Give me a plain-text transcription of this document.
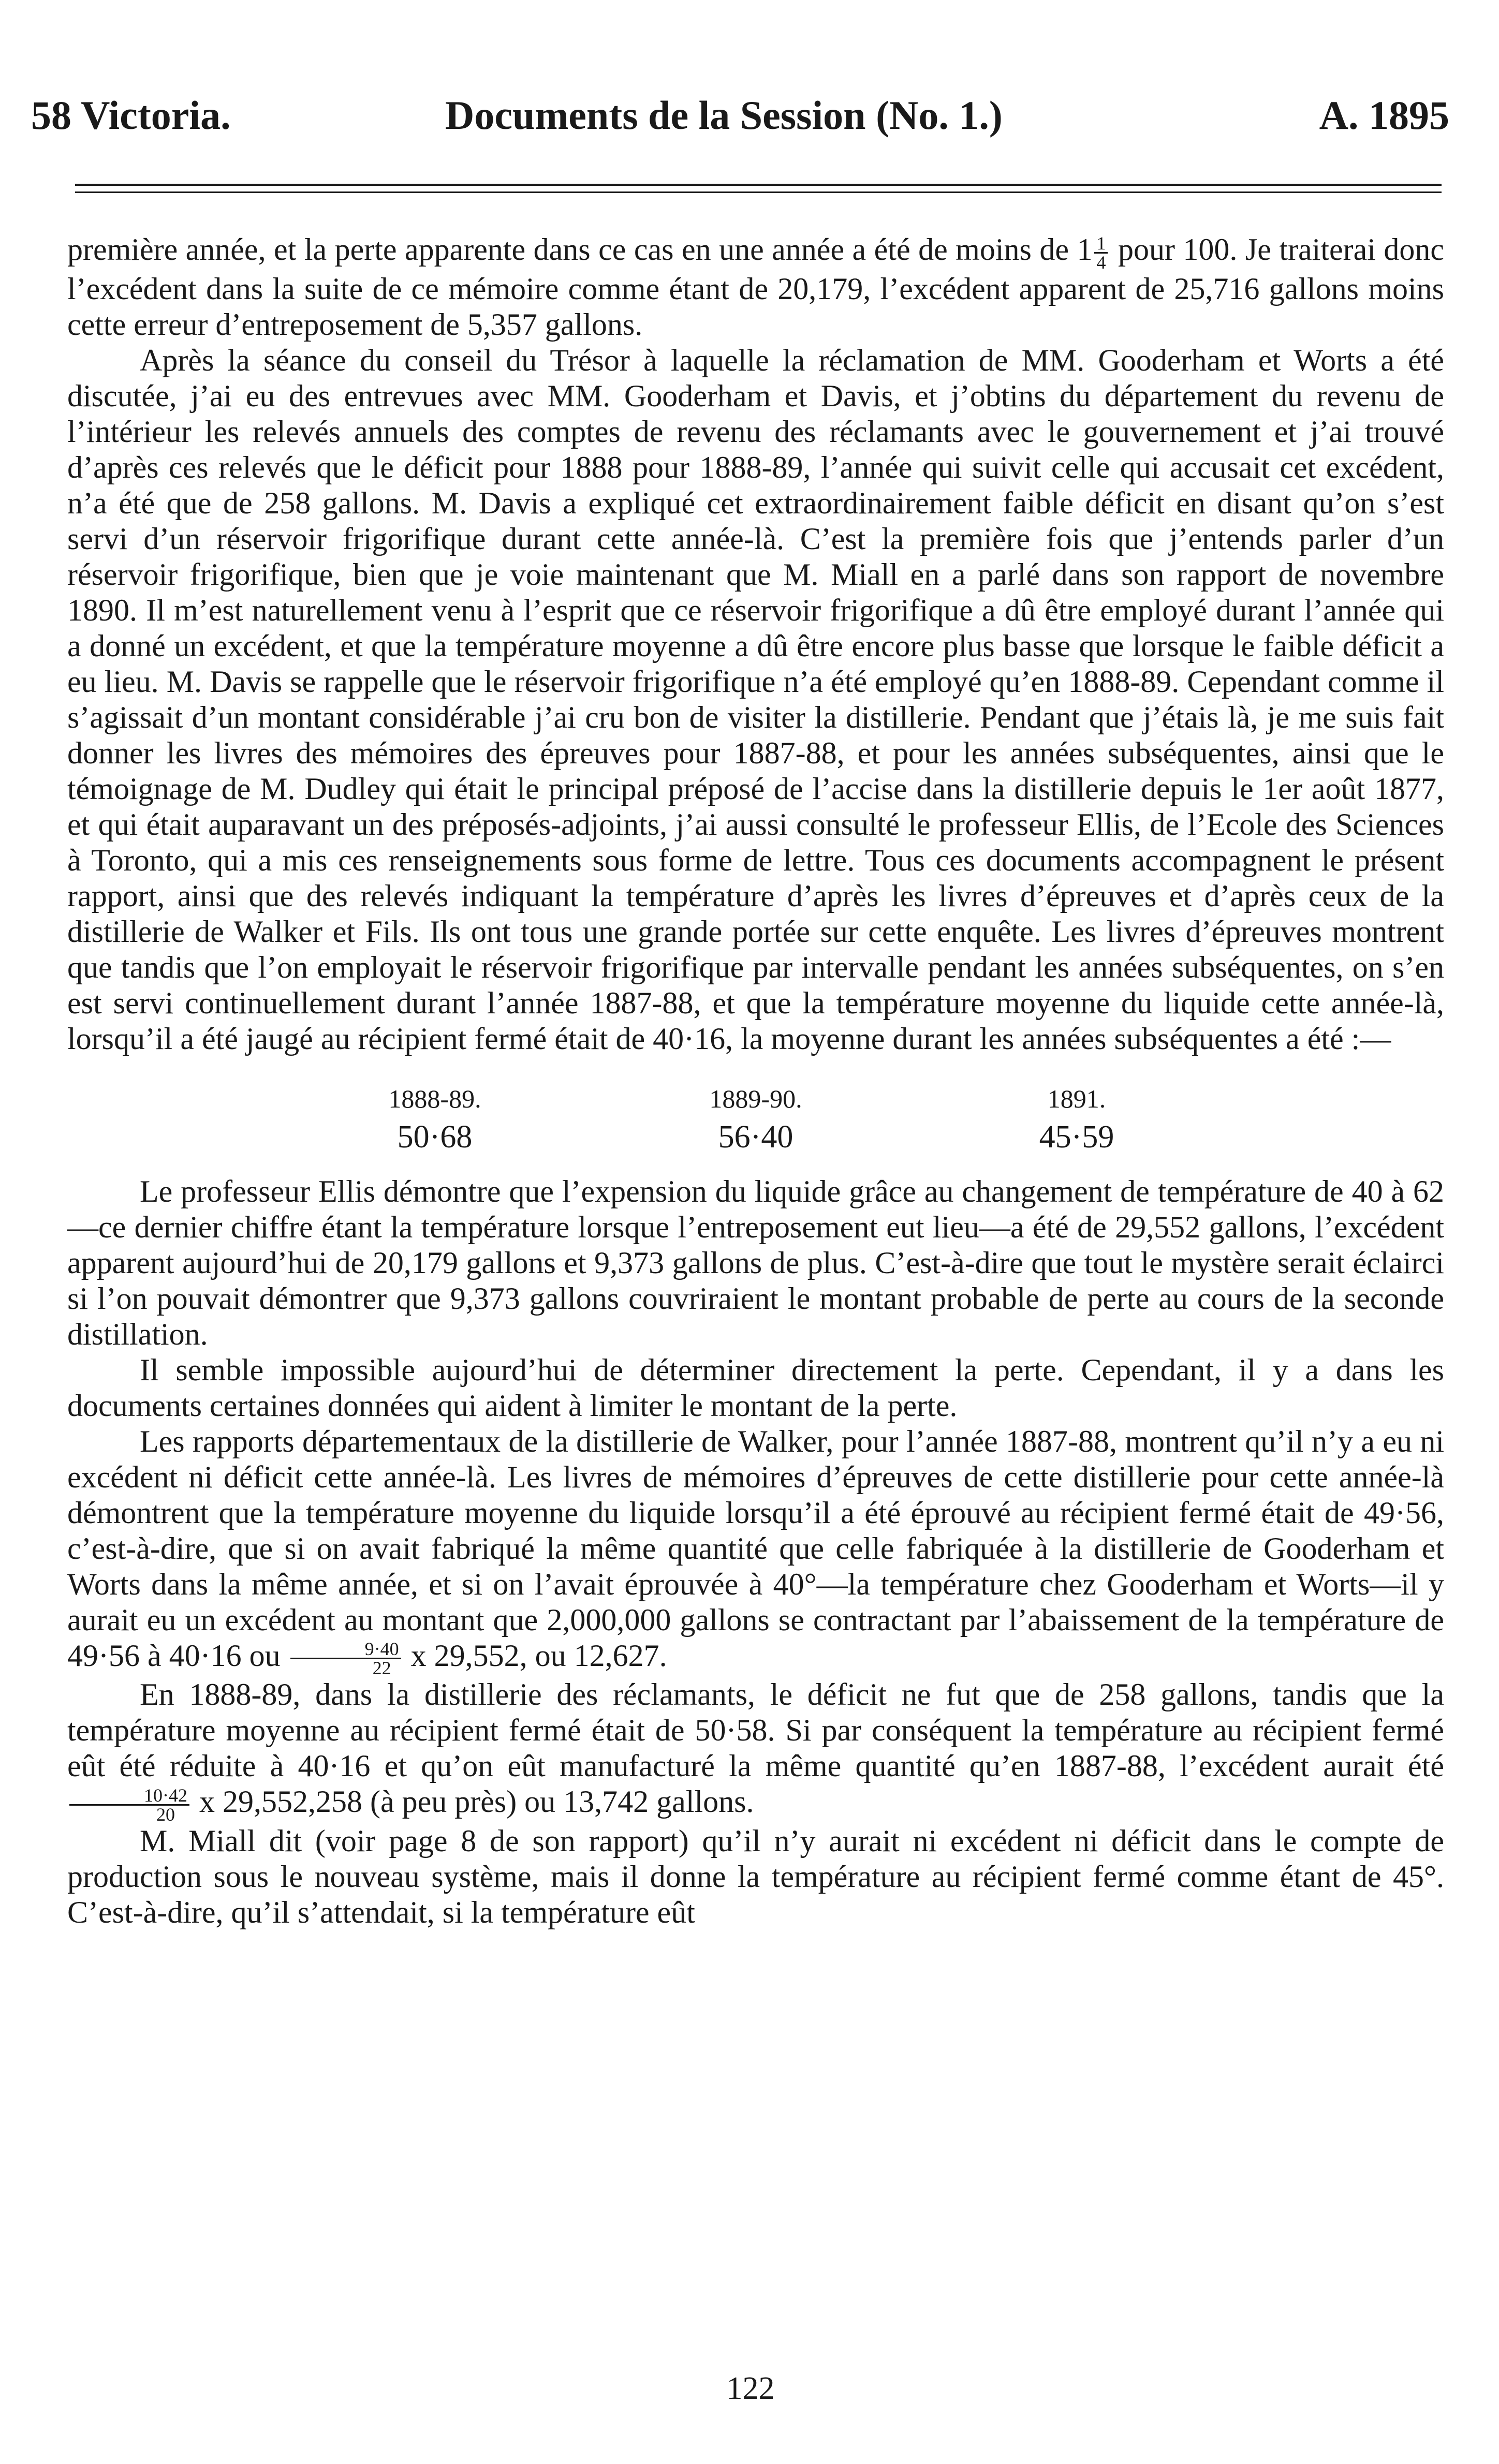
58 Victoria.	Documents de la Session (No. 1.)	A. 1895

première année, et la perte apparente dans ce cas en une année a été de moins de $1 \frac{1}{4}$ pour 100. Je traiterai donc l’excédent dans la suite de ce mémoire comme étant de 20,179, l’excédent apparent de 25,716 gallons moins cette erreur d’entreposement de 5,357 gallons.

Après la séance du conseil du Trésor à laquelle la réclamation de MM. Gooderham et Worts a été discutée, j’ai eu des entrevues avec MM. Gooderham et Davis, et j’obtins du département du revenu de l’intérieur les relevés annuels des comptes de revenu des réclamants avec le gouvernement et j’ai trouvé d’après ces relevés que le déficit pour 1888 pour 1888-89, l’année qui suivit celle qui accusait cet excédent, n’a été que de 258 gallons. M. Davis a expliqué cet extraordinairement faible déficit en disant qu’on s’est servi d’un réservoir frigorifique durant cette année-là. C’est la première fois que j’entends parler d’un réservoir frigorifique, bien que je voie maintenant que M. Miall en a parlé dans son rapport de novembre 1890. Il m’est naturellement venu à l’esprit que ce réservoir frigorifique a dû être employé durant l’année qui a donné un excédent, et que la température moyenne a dû être encore plus basse que lorsque le faible déficit a eu lieu. M. Davis se rappelle que le réservoir frigorifique n’a été employé qu’en 1888-89. Cependant comme il s’agissait d’un montant considérable j’ai cru bon de visiter la distillerie. Pendant que j’étais là, je me suis fait donner les livres des mémoires des épreuves pour 1887-88, et pour les années subséquentes, ainsi que le témoignage de M. Dudley qui était le principal préposé de l’accise dans la distillerie depuis le 1er août 1877, et qui était auparavant un des préposés-adjoints, j’ai aussi consulté le professeur Ellis, de l’Ecole des Sciences à Toronto, qui a mis ces renseignements sous forme de lettre. Tous ces documents accompagnent le présent rapport, ainsi que des relevés indiquant la température d’après les livres d’épreuves et d’après ceux de la distillerie de Walker et Fils. Ils ont tous une grande portée sur cette enquête. Les livres d’épreuves montrent que tandis que l’on employait le réservoir frigorifique par intervalle pendant les années subséquentes, on s’en est servi continuellement durant l’année 1887-88, et que la température moyenne du liquide cette année-là, lorsqu’il a été jaugé au récipient fermé était de 40·16, la moyenne durant les années subséquentes a été :—

1888-89.
50·68
1889-90.
56·40
1891.
45·59

Le professeur Ellis démontre que l’expension du liquide grâce au changement de température de 40 à 62—ce dernier chiffre étant la température lorsque l’entreposement eut lieu—a été de 29,552 gallons, l’excédent apparent aujourd’hui de 20,179 gallons et 9,373 gallons de plus. C’est-à-dire que tout le mystère serait éclairci si l’on pouvait démontrer que 9,373 gallons couvriraient le montant probable de perte au cours de la seconde distillation.

Il semble impossible aujourd’hui de déterminer directement la perte. Cependant, il y a dans les documents certaines données qui aident à limiter le montant de la perte.

Les rapports départementaux de la distillerie de Walker, pour l’année 1887-88, montrent qu’il n’y a eu ni excédent ni déficit cette année-là. Les livres de mémoires d’épreuves de cette distillerie pour cette année-là démontrent que la température moyenne du liquide lorsqu’il a été éprouvé au récipient fermé était de 49·56, c’est-à-dire, que si on avait fabriqué la même quantité que celle fabriquée à la distillerie de Gooderham et Worts dans la même année, et si on l’avait éprouvée à 40°—la température chez Gooderham et Worts—il y aurait eu un excédent au montant que 2,000,000 gallons se contractant par l’abaissement de la température de 49·56 à 40·16 ou $\frac{9\cdot 40}{22}$ x 29,552, ou 12,627.

En 1888-89, dans la distillerie des réclamants, le déficit ne fut que de 258 gallons, tandis que la température moyenne au récipient fermé était de 50·58. Si par conséquent la température au récipient fermé eût été réduite à 40·16 et qu’on eût manufacturé la même quantité qu’en 1887-88, l’excédent aurait été
$\frac{10\cdot 42}{20}$ x 29,552,258 (à peu près) ou 13,742 gallons.

M. Miall dit (voir page 8 de son rapport) qu’il n’y aurait ni excédent ni déficit dans le compte de production sous le nouveau système, mais il donne la température au récipient fermé comme étant de 45°. C’est-à-dire, qu’il s’attendait, si la température eût

122
